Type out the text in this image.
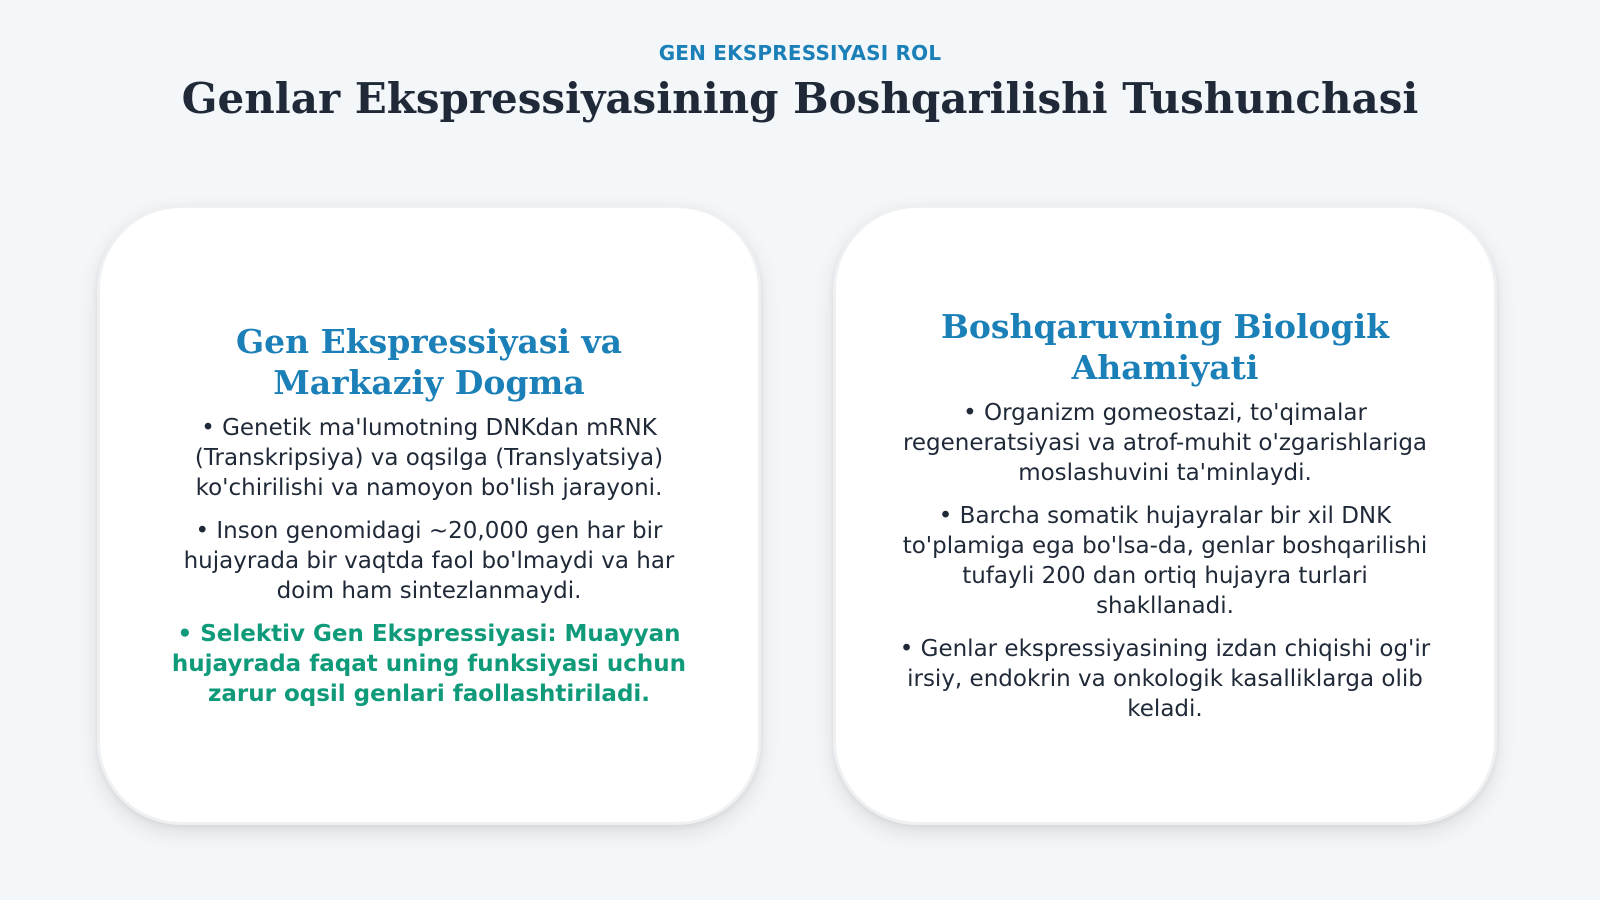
GEN EKSPRESSIYASI ROL
Genlar Ekspressiyasining Boshqarilishi Tushunchasi
Gen Ekspressiyasi va Markaziy Dogma

• Genetik ma'lumotning DNKdan mRNK (Transkripsiya) va oqsilga (Translyatsiya) ko'chirilishi va namoyon bo'lish jarayoni.

• Inson genomidagi ~20,000 gen har bir hujayrada bir vaqtda faol bo'lmaydi va har doim ham sintezlanmaydi.

• Selektiv Gen Ekspressiyasi: Muayyan hujayrada faqat uning funksiyasi uchun zarur oqsil genlari faollashtiriladi.

Boshqaruvning Biologik Ahamiyati

• Organizm gomeostazi, to'qimalar regeneratsiyasi va atrof-muhit o'zgarishlariga moslashuvini ta'minlaydi.

• Barcha somatik hujayralar bir xil DNK to'plamiga ega bo'lsa-da, genlar boshqarilishi tufayli 200 dan ortiq hujayra turlari shakllanadi.

• Genlar ekspressiyasining izdan chiqishi og'ir irsiy, endokrin va onkologik kasalliklarga olib keladi.
